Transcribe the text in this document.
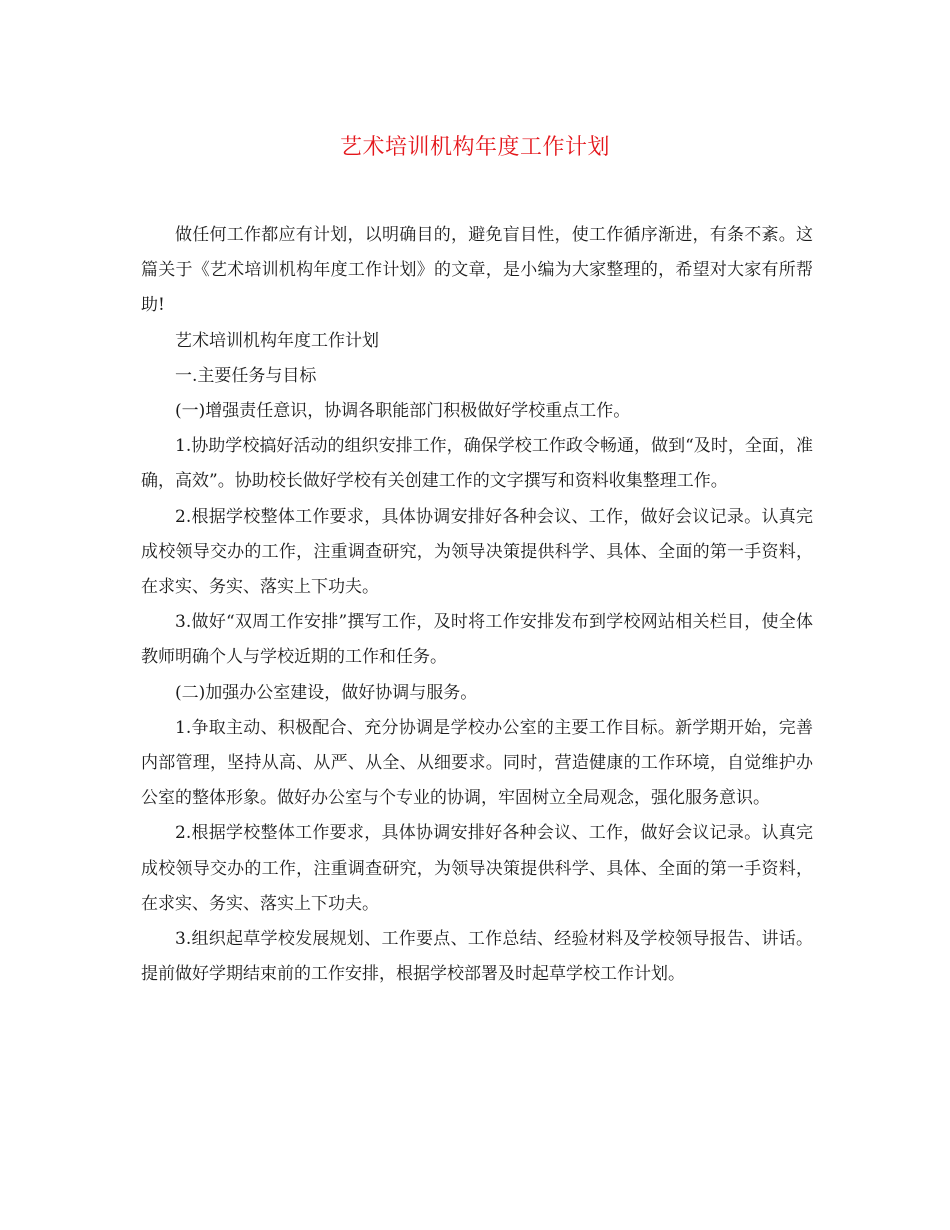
艺术培训机构年度工作计划

做任何工作都应有计划，以明确目的，避免盲目性，使工作循序渐进，有条不紊。这篇关于《艺术培训机构年度工作计划》的文章，是小编为大家整理的，希望对大家有所帮助!

艺术培训机构年度工作计划

一.主要任务与目标

(一)增强责任意识，协调各职能部门积极做好学校重点工作。

1.协助学校搞好活动的组织安排工作，确保学校工作政令畅通，做到“及时，全面，准确，高效”。协助校长做好学校有关创建工作的文字撰写和资料收集整理工作。

2.根据学校整体工作要求，具体协调安排好各种会议、工作，做好会议记录。认真完成校领导交办的工作，注重调查研究，为领导决策提供科学、具体、全面的第一手资料，在求实、务实、落实上下功夫。

3.做好“双周工作安排”撰写工作，及时将工作安排发布到学校网站相关栏目，使全体教师明确个人与学校近期的工作和任务。

(二)加强办公室建设，做好协调与服务。

1.争取主动、积极配合、充分协调是学校办公室的主要工作目标。新学期开始，完善内部管理，坚持从高、从严、从全、从细要求。同时，营造健康的工作环境，自觉维护办公室的整体形象。做好办公室与个专业的协调，牢固树立全局观念，强化服务意识。

2.根据学校整体工作要求，具体协调安排好各种会议、工作，做好会议记录。认真完成校领导交办的工作，注重调查研究，为领导决策提供科学、具体、全面的第一手资料，在求实、务实、落实上下功夫。

3.组织起草学校发展规划、工作要点、工作总结、经验材料及学校领导报告、讲话。提前做好学期结束前的工作安排，根据学校部署及时起草学校工作计划。
